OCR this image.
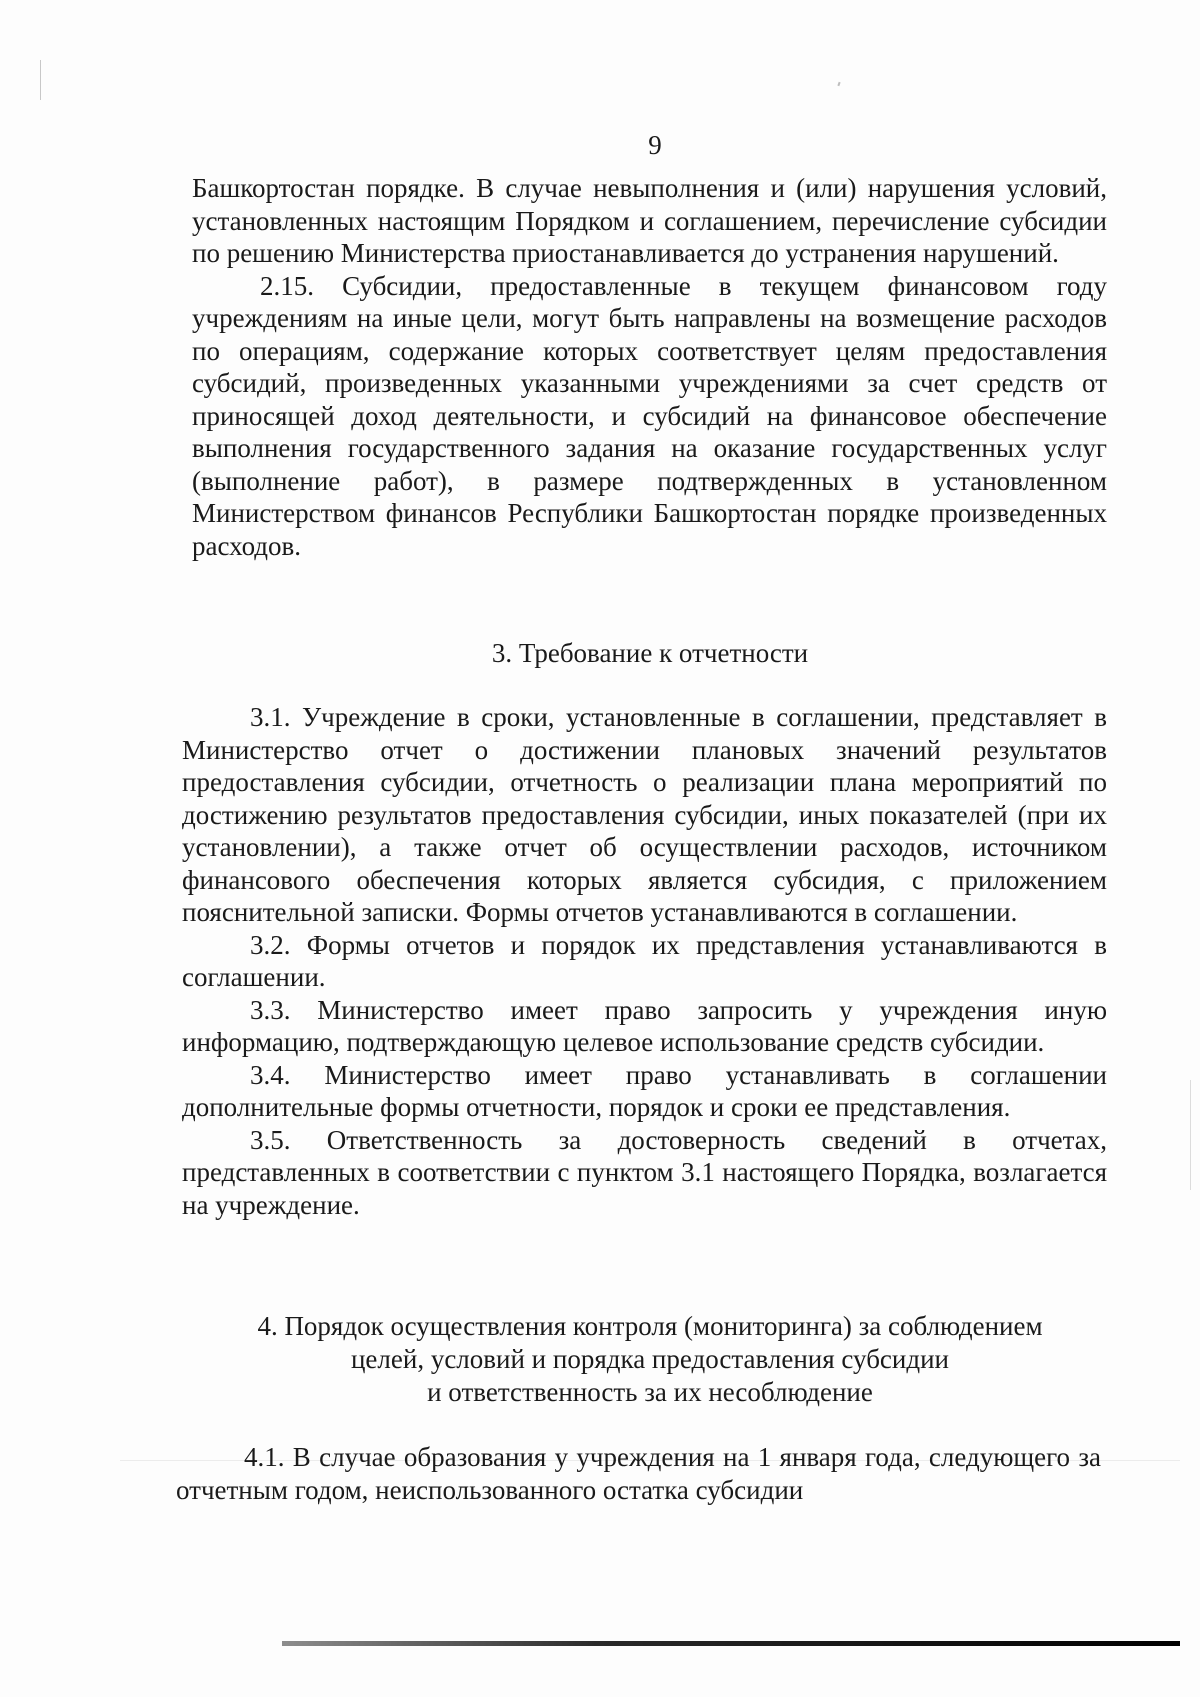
9

Башкортостан порядке. В случае невыполнения и (или) нарушения условий, установленных настоящим Порядком и соглашением, перечисление субсидии по решению Министерства приостанавливается до устранения нарушений.

2.15. Субсидии, предоставленные в текущем финансовом году учреждениям на иные цели, могут быть направлены на возмещение расходов по операциям, содержание которых соответствует целям предоставления субсидий, произведенных указанными учреждениями за счет средств от приносящей доход деятельности, и субсидий на финансовое обеспечение выполнения государственного задания на оказание государственных услуг (выполнение работ), в размере подтвержденных в установленном Министерством финансов Республики Башкортостан порядке произведенных расходов.

3. Требование к отчетности

3.1. Учреждение в сроки, установленные в соглашении, представляет в Министерство отчет о достижении плановых значений результатов предоставления субсидии, отчетность о реализации плана мероприятий по достижению результатов предоставления субсидии, иных показателей (при их установлении), а также отчет об осуществлении расходов, источником финансового обеспечения которых является субсидия, с приложением пояснительной записки. Формы отчетов устанавливаются в соглашении.

3.2. Формы отчетов и порядок их представления устанавливаются в соглашении.

3.3. Министерство имеет право запросить у учреждения иную информацию, подтверждающую целевое использование средств субсидии.

3.4. Министерство имеет право устанавливать в соглашении дополнительные формы отчетности, порядок и сроки ее представления.

3.5. Ответственность за достоверность сведений в отчетах, представленных в соответствии с пунктом 3.1 настоящего Порядка, возлагается на учреждение.

4. Порядок осуществления контроля (мониторинга) за соблюдением
целей, условий и порядка предоставления субсидии
и ответственность за их несоблюдение

4.1. В случае образования у учреждения на 1 января года, следующего за отчетным годом, неиспользованного остатка субсидии
